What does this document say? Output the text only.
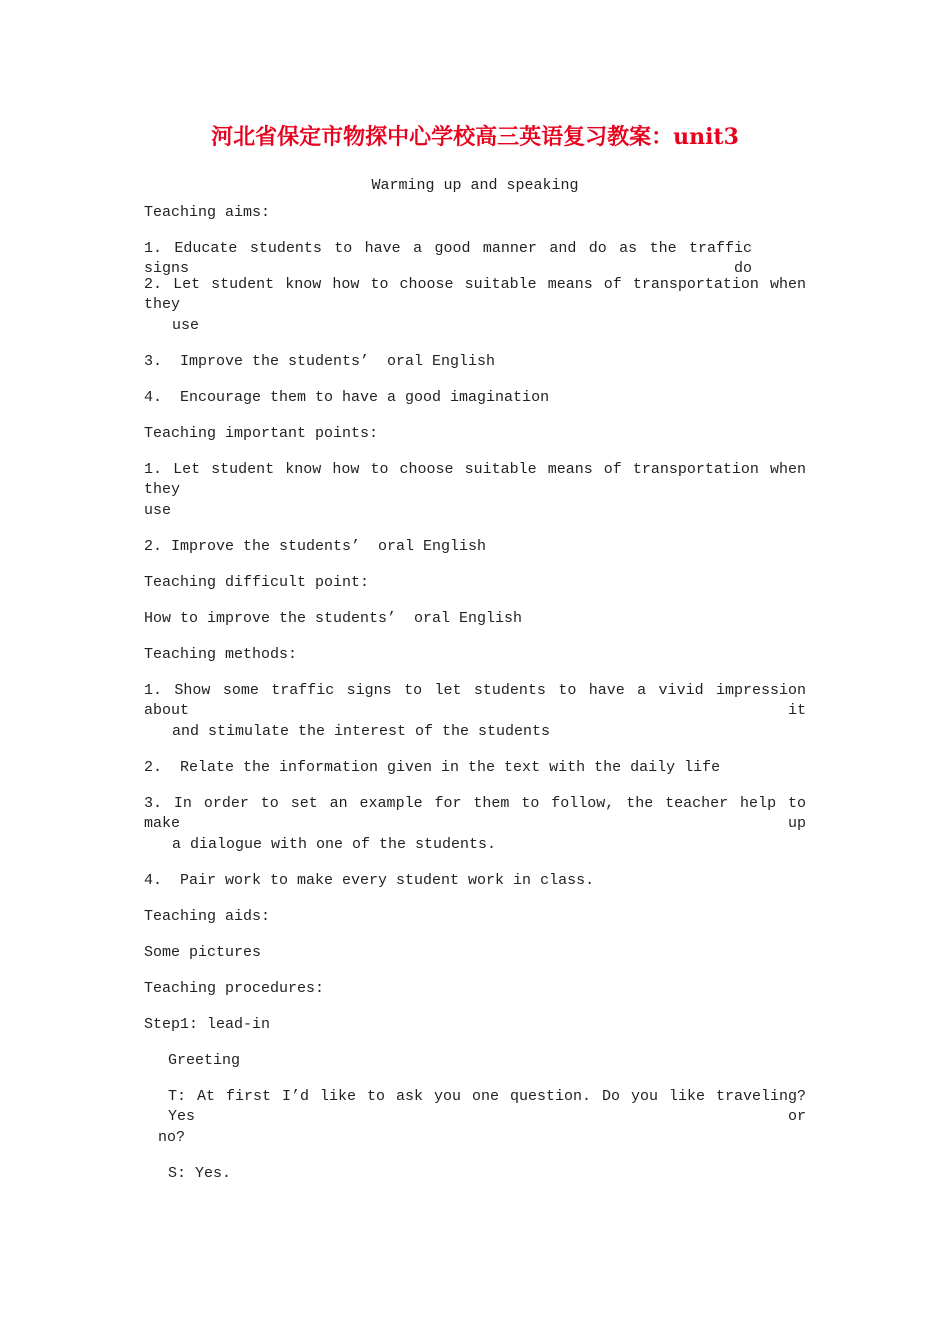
河北省保定市物探中心学校高三英语复习教案：unit3
Warming up and speaking
Teaching aims:
1. Educate students to have a good manner and do as the traffic signs do
2. Let student know how to choose suitable means of transportation when they
use
3.  Improve the students’  oral English
4.  Encourage them to have a good imagination
Teaching important points:
1. Let student know how to choose suitable means of transportation when they
use
2. Improve the students’  oral English
Teaching difficult point:
How to improve the students’  oral English
Teaching methods:
1. Show some traffic signs to let students to have a vivid impression about it
and stimulate the interest of the students
2.  Relate the information given in the text with the daily life
3. In order to set an example for them to follow, the teacher help to make up
a dialogue with one of the students.
4.  Pair work to make every student work in class.
Teaching aids:
Some pictures
Teaching procedures:
Step1: lead-in
Greeting
T: At first I’d like to ask you one question. Do you like traveling? Yes or
no?
S: Yes.
